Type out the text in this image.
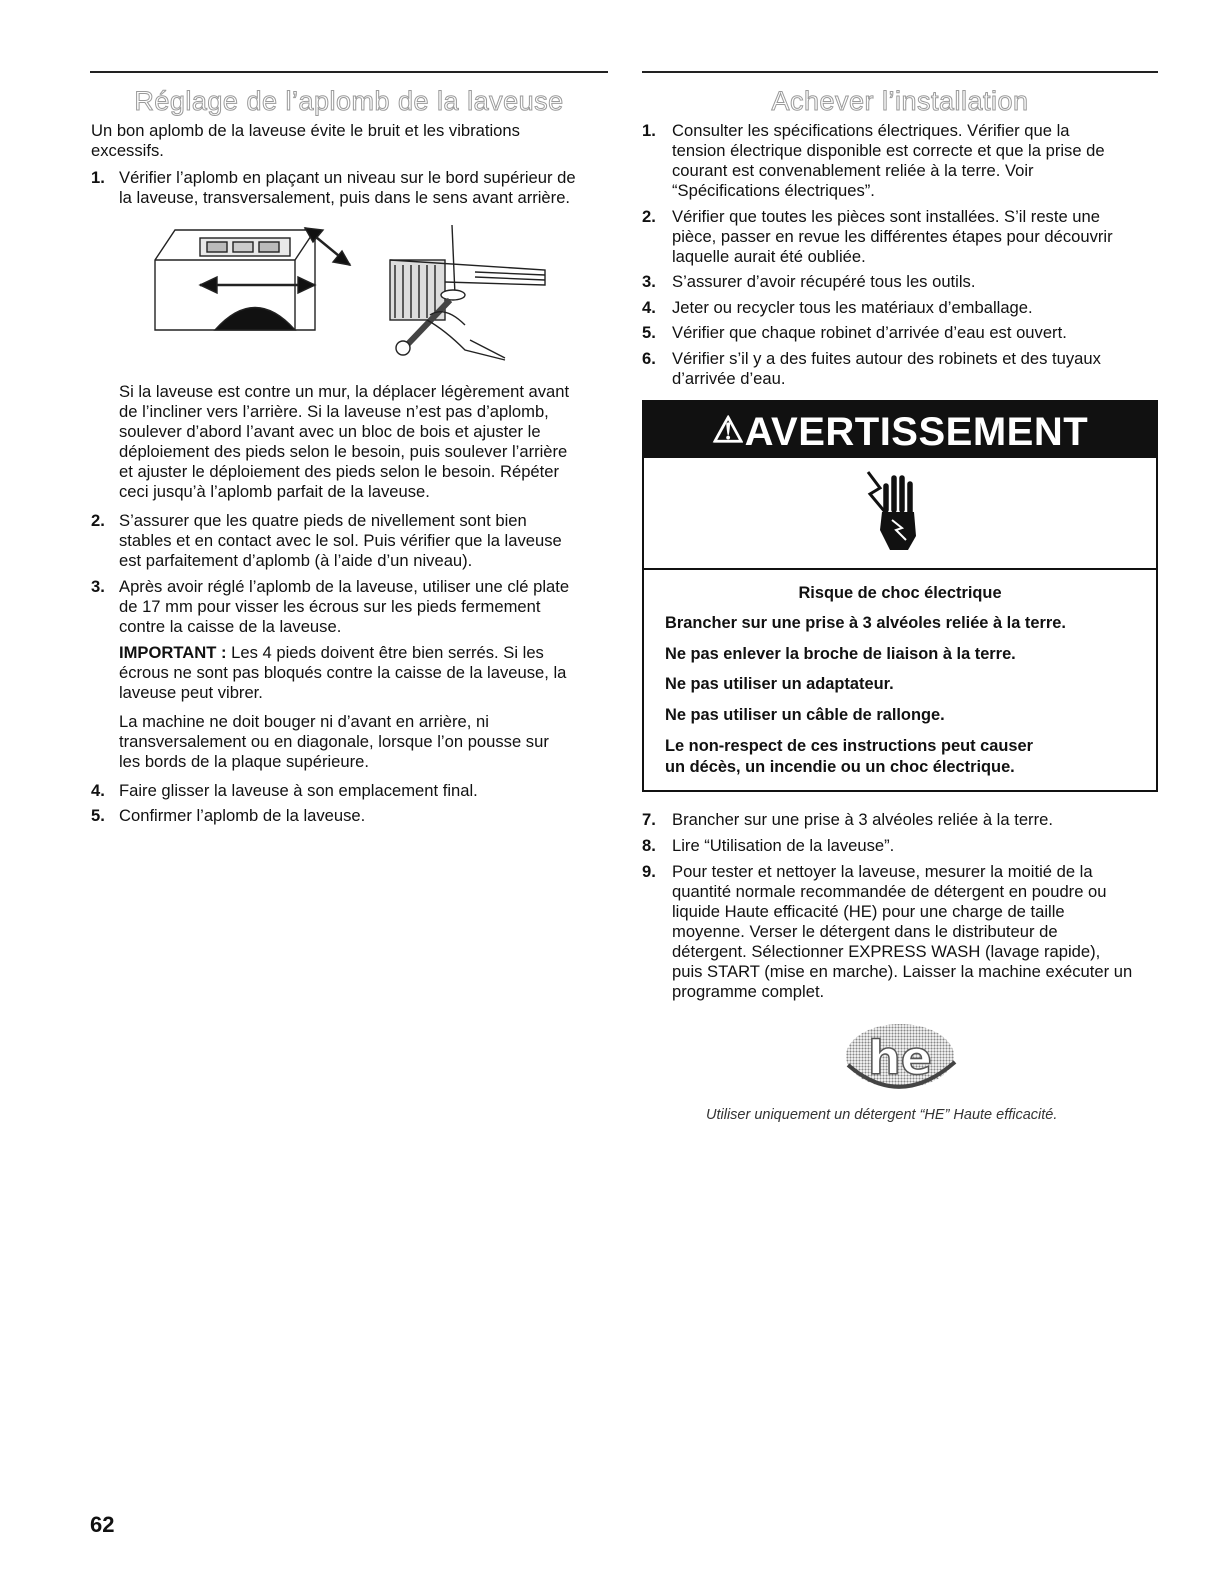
Réglage de l’aplomb de la laveuse

Un bon aplomb de la laveuse évite le bruit et les vibrations

excessifs.

1. Vérifier l’aplomb en plaçant un niveau sur le bord supérieur de

la laveuse, transversalement, puis dans le sens avant arrière.

Si la laveuse est contre un mur, la déplacer légèrement avant

de l’incliner vers l’arrière. Si la laveuse n’est pas d’aplomb,

soulever d’abord l’avant avec un bloc de bois et ajuster le

déploiement des pieds selon le besoin, puis soulever l’arrière

et ajuster le déploiement des pieds selon le besoin. Répéter

ceci jusqu’à l’aplomb parfait de la laveuse.

2. S’assurer que les quatre pieds de nivellement sont bien

stables et en contact avec le sol. Puis vérifier que la laveuse

est parfaitement d’aplomb (à l’aide d’un niveau).

3. Après avoir réglé l’aplomb de la laveuse, utiliser une clé plate

de 17 mm pour visser les écrous sur les pieds fermement

contre la caisse de la laveuse.

IMPORTANT : Les 4 pieds doivent être bien serrés. Si les

écrous ne sont pas bloqués contre la caisse de la laveuse, la

laveuse peut vibrer.

La machine ne doit bouger ni d’avant en arrière, ni

transversalement ou en diagonale, lorsque l’on pousse sur

les bords de la plaque supérieure.

4. Faire glisser la laveuse à son emplacement final.

5. Confirmer l’aplomb de la laveuse.

Achever l’installation
1. Consulter les spécifications électriques. Vérifier que la

tension électrique disponible est correcte et que la prise de

courant est convenablement reliée à la terre. Voir

“Spécifications électriques”.

2. Vérifier que toutes les pièces sont installées. S’il reste une

pièce, passer en revue les différentes étapes pour découvrir

laquelle aurait été oubliée.

3. S’assurer d’avoir récupéré tous les outils.

4. Jeter ou recycler tous les matériaux d’emballage.

5. Vérifier que chaque robinet d’arrivée d’eau est ouvert.

6. Vérifier s’il y a des fuites autour des robinets et des tuyaux

d’arrivée d’eau.

⚠AVERTISSEMENT
Risque de choc électrique
Brancher sur une prise à 3 alvéoles reliée à la terre.
Ne pas enlever la broche de liaison à la terre.
Ne pas utiliser un adaptateur.
Ne pas utiliser un câble de rallonge.
Le non-respect de ces instructions peut causer
un décès, un incendie ou un choc électrique.
7. Brancher sur une prise à 3 alvéoles reliée à la terre.

8. Lire “Utilisation de la laveuse”.

9. Pour tester et nettoyer la laveuse, mesurer la moitié de la

quantité normale recommandée de détergent en poudre ou

liquide Haute efficacité (HE) pour une charge de taille

moyenne. Verser le détergent dans le distributeur de

détergent. Sélectionner EXPRESS WASH (lavage rapide),

puis START (mise en marche). Laisser la machine exécuter un

programme complet.

he
Utiliser uniquement un détergent “HE” Haute efficacité.
62
